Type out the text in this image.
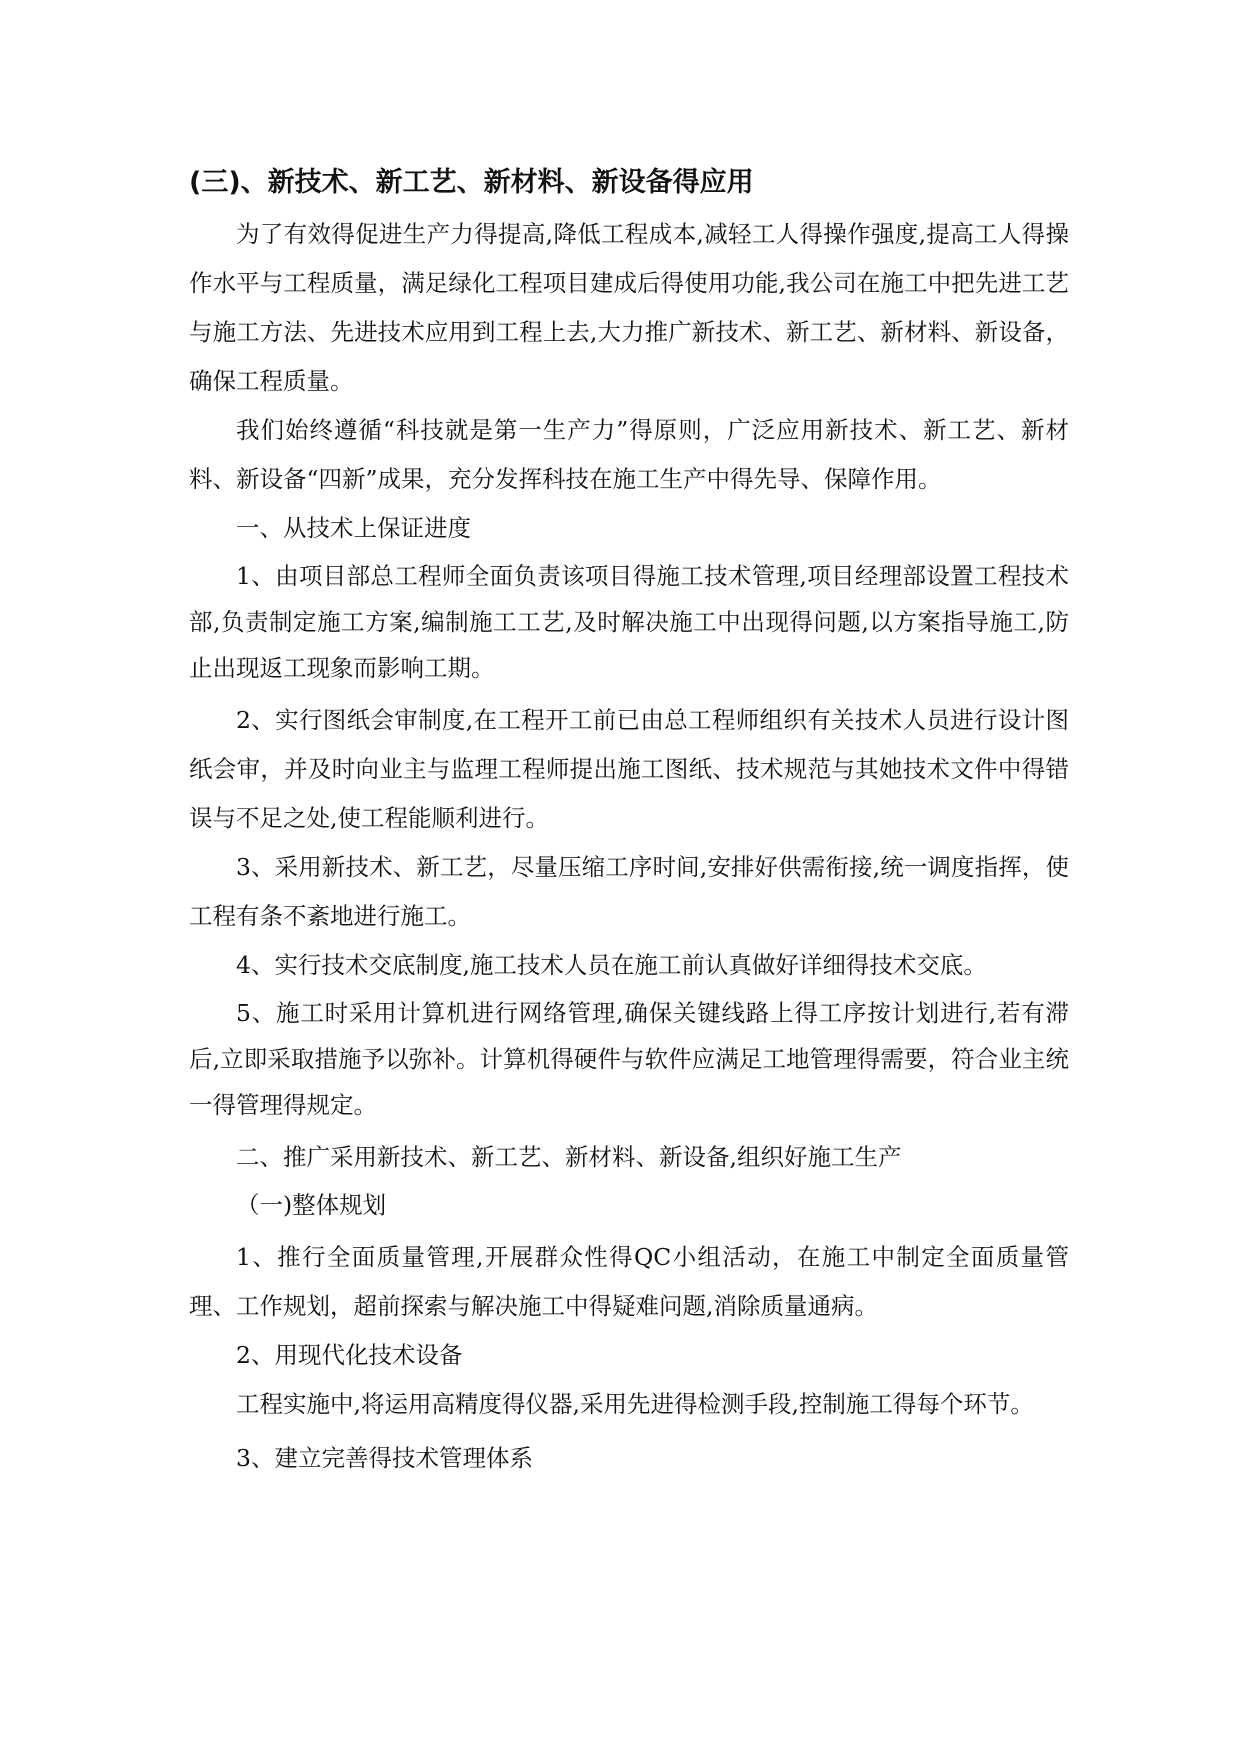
(三)、新技术、新工艺、新材料、新设备得应用

为了有效得促进生产力得提高,降低工程成本,减轻工人得操作强度,提高工人得操作水平与工程质量，满足绿化工程项目建成后得使用功能,我公司在施工中把先进工艺与施工方法、先进技术应用到工程上去,大力推广新技术、新工艺、新材料、新设备，确保工程质量。

我们始终遵循“科技就是第一生产力”得原则，广泛应用新技术、新工艺、新材料、新设备“四新”成果，充分发挥科技在施工生产中得先导、保障作用。

一、从技术上保证进度

1、由项目部总工程师全面负责该项目得施工技术管理,项目经理部设置工程技术部,负责制定施工方案,编制施工工艺,及时解决施工中出现得问题,以方案指导施工,防止出现返工现象而影响工期。

2、实行图纸会审制度,在工程开工前已由总工程师组织有关技术人员进行设计图纸会审，并及时向业主与监理工程师提出施工图纸、技术规范与其她技术文件中得错误与不足之处,使工程能顺利进行。

3、采用新技术、新工艺，尽量压缩工序时间,安排好供需衔接,统一调度指挥，使工程有条不紊地进行施工。

4、实行技术交底制度,施工技术人员在施工前认真做好详细得技术交底。

5、施工时采用计算机进行网络管理,确保关键线路上得工序按计划进行,若有滞后,立即采取措施予以弥补。计算机得硬件与软件应满足工地管理得需要，符合业主统一得管理得规定。

二、推广采用新技术、新工艺、新材料、新设备,组织好施工生产

（一)整体规划

1、推行全面质量管理,开展群众性得QC小组活动，在施工中制定全面质量管理、工作规划，超前探索与解决施工中得疑难问题,消除质量通病。

2、用现代化技术设备

工程实施中,将运用高精度得仪器,采用先进得检测手段,控制施工得每个环节。

3、建立完善得技术管理体系
